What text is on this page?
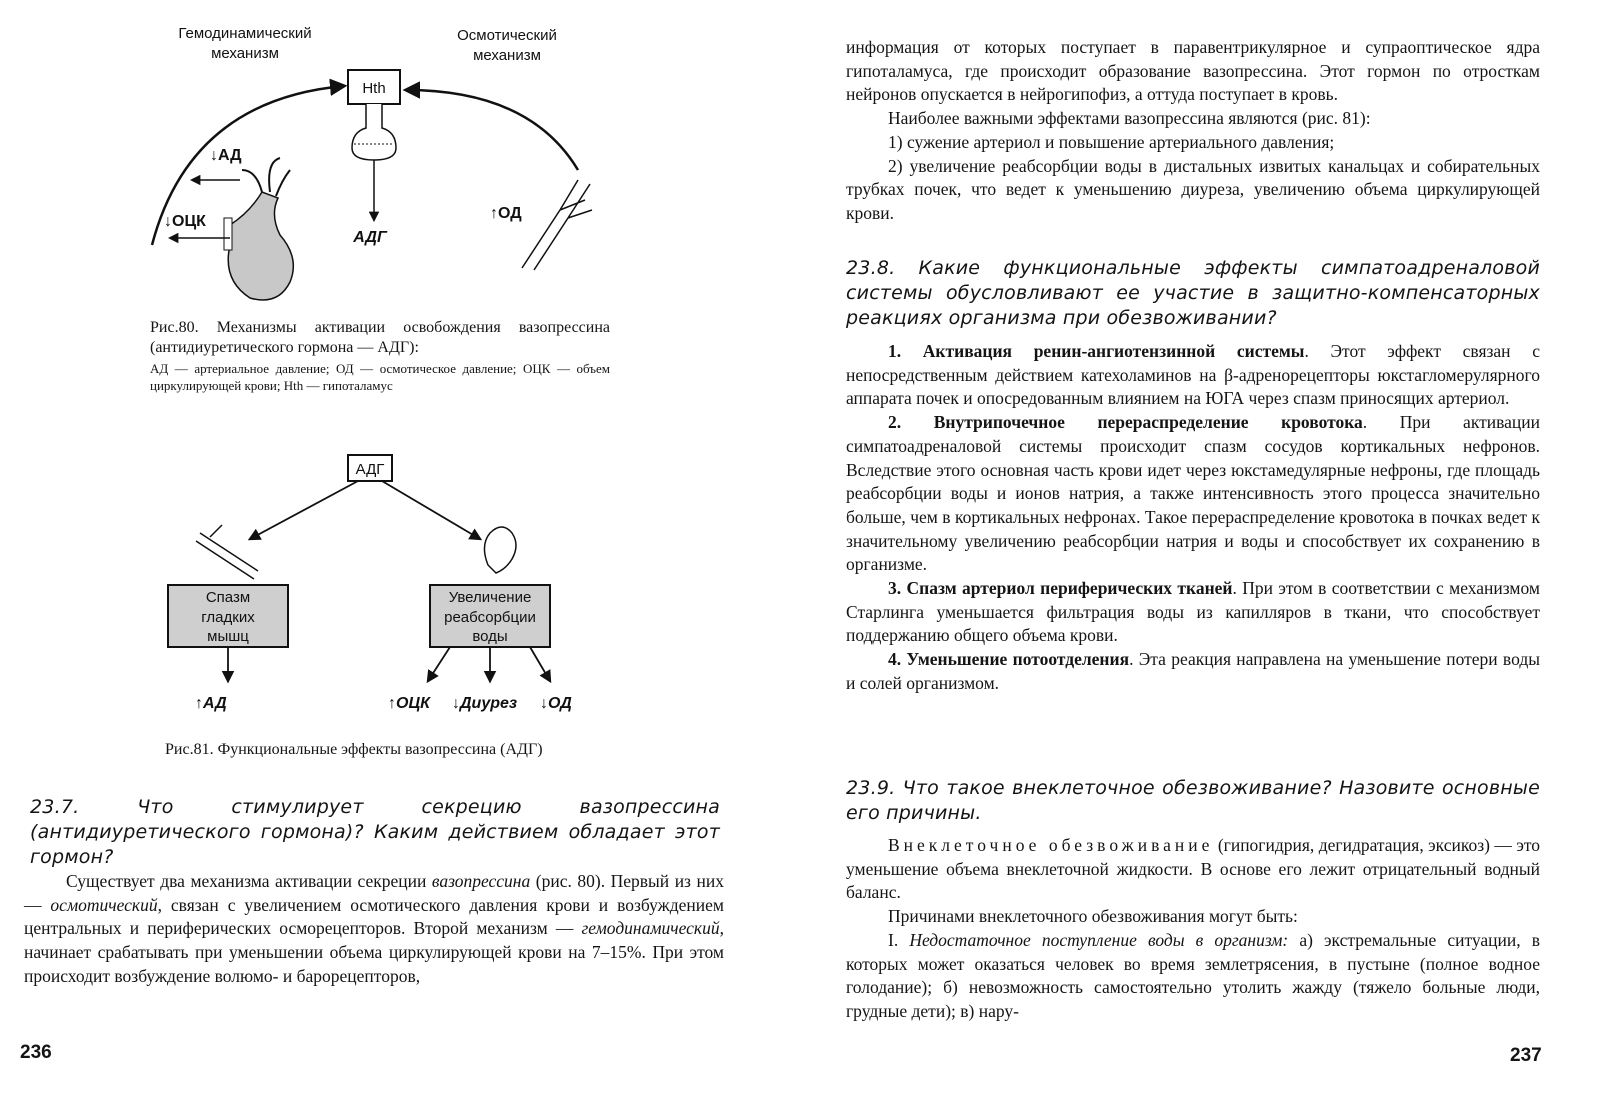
Гемодинамический
механизм
Осмотический
механизм
Hth
АДГ
↓АД
↓ОЦК	↑ОД
Рис.80. Механизмы активации освобождения вазопрессина (антидиуретического гормона — АДГ):
АД — артериальное давление; ОД — осмотическое давление; ОЦК — объем циркулирующей крови; Hth — гипоталамус
АДГ
Спазм
гладких
мышц
Увеличение
реабсорбции
воды
↑АД	↑ОЦК ↓Диурез ↓ОД
Рис.81. Функциональные эффекты вазопрессина (АДГ)
23.7. Что стимулирует секрецию вазопрессина (антидиуретического гормона)? Каким действием обладает этот гормон?

Существует два механизма активации секреции вазопрессина (рис. 80). Первый из них — осмотический, связан с увеличением осмотического давления крови и возбуждением центральных и периферических осморецепторов. Второй механизм — гемодинамический, начинает срабатывать при уменьшении объема циркулирующей крови на 7–15%. При этом происходит возбуждение волюмо- и барорецепторов,

236

информация от которых поступает в паравентрикулярное и супраоптическое ядра гипоталамуса, где происходит образование вазопрессина. Этот гормон по отросткам нейронов опускается в нейрогипофиз, а оттуда поступает в кровь.

Наиболее важными эффектами вазопрессина являются (рис. 81):

1) сужение артериол и повышение артериального давления;

2) увеличение реабсорбции воды в дистальных извитых канальцах и собирательных трубках почек, что ведет к уменьшению диуреза, увеличению объема циркулирующей крови.

23.8. Какие функциональные эффекты симпатоадреналовой системы обусловливают ее участие в защитно-компенсаторных реакциях организма при обезвоживании?

1. Активация ренин-ангиотензинной системы. Этот эффект связан с непосредственным действием катехоламинов на β-адренорецепторы юкстагломерулярного аппарата почек и опосредованным влиянием на ЮГА через спазм приносящих артериол.

2. Внутрипочечное перераспределение кровотока. При активации симпатоадреналовой системы происходит спазм сосудов кортикальных нефронов. Вследствие этого основная часть крови идет через юкстамедулярные нефроны, где площадь реабсорбции воды и ионов натрия, а также интенсивность этого процесса значительно больше, чем в кортикальных нефронах. Такое перераспределение кровотока в почках ведет к значительному увеличению реабсорбции натрия и воды и способствует их сохранению в организме.

3. Спазм артериол периферических тканей. При этом в соответствии с механизмом Старлинга уменьшается фильтрация воды из капилляров в ткани, что способствует поддержанию общего объема крови.

4. Уменьшение потоотделения. Эта реакция направлена на уменьшение потери воды и солей организмом.

23.9. Что такое внеклеточное обезвоживание? Назовите основные его причины.

Внеклеточное обезвоживание (гипогидрия, дегидратация, эксикоз) — это уменьшение объема внеклеточной жидкости. В основе его лежит отрицательный водный баланс.

Причинами внеклеточного обезвоживания могут быть:

I. Недостаточное поступление воды в организм: а) экстремальные ситуации, в которых может оказаться человек во время землетрясения, в пустыне (полное водное голодание); б) невозможность самостоятельно утолить жажду (тяжело больные люди, грудные дети); в) нару-

237
